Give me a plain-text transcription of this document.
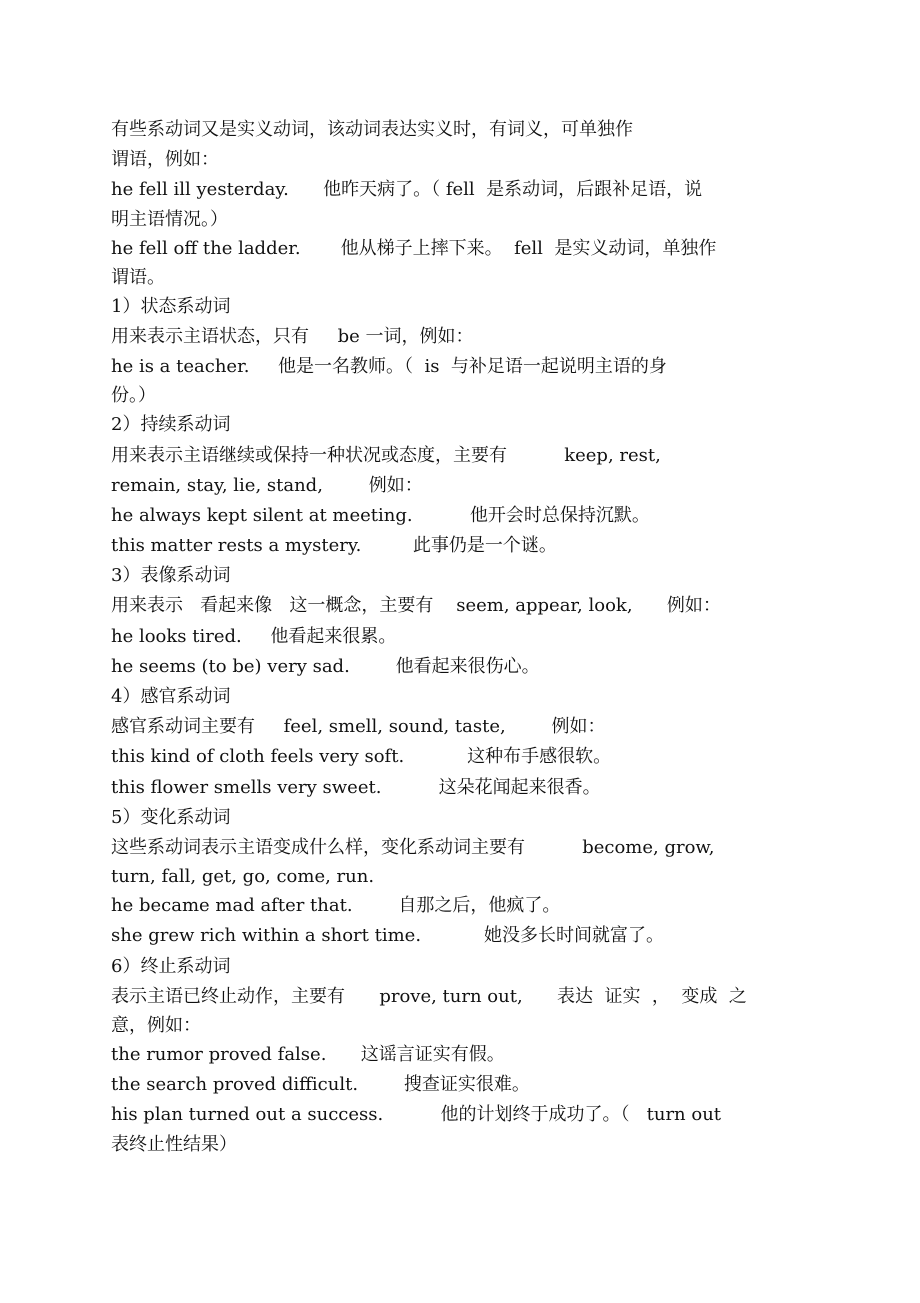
有些系动词又是实义动词，该动词表达实义时，有词义，可单独作
谓语，例如：
he fell ill yesterday.      他昨天病了。（ fell  是系动词，后跟补足语，说
明主语情况。）
he fell off the ladder.       他从梯子上摔下来。  fell  是实义动词，单独作
谓语。
1）状态系动词
用来表示主语状态，只有     be 一词，例如：
he is a teacher.     他是一名教师。（  is  与补足语一起说明主语的身
份。）
2）持续系动词
用来表示主语继续或保持一种状况或态度，主要有          keep, rest,
remain, stay, lie, stand,        例如：
he always kept silent at meeting.          他开会时总保持沉默。
this matter rests a mystery.         此事仍是一个谜。
3）表像系动词
用来表示   看起来像   这一概念，主要有    seem, appear, look,      例如：
he looks tired.     他看起来很累。
he seems (to be) very sad.        他看起来很伤心。
4）感官系动词
感官系动词主要有     feel, smell, sound, taste,        例如：
this kind of cloth feels very soft.           这种布手感很软。
this flower smells very sweet.          这朵花闻起来很香。
5）变化系动词
这些系动词表示主语变成什么样，变化系动词主要有          become, grow,
turn, fall, get, go, come, run.
he became mad after that.        自那之后，他疯了。
she grew rich within a short time.           她没多长时间就富了。
6）终止系动词
表示主语已终止动作，主要有      prove, turn out,      表达  证实  ，  变成  之
意，例如：
the rumor proved false.      这谣言证实有假。
the search proved difficult.        搜查证实很难。
his plan turned out a success.          他的计划终于成功了。（   turn out
表终止性结果）
